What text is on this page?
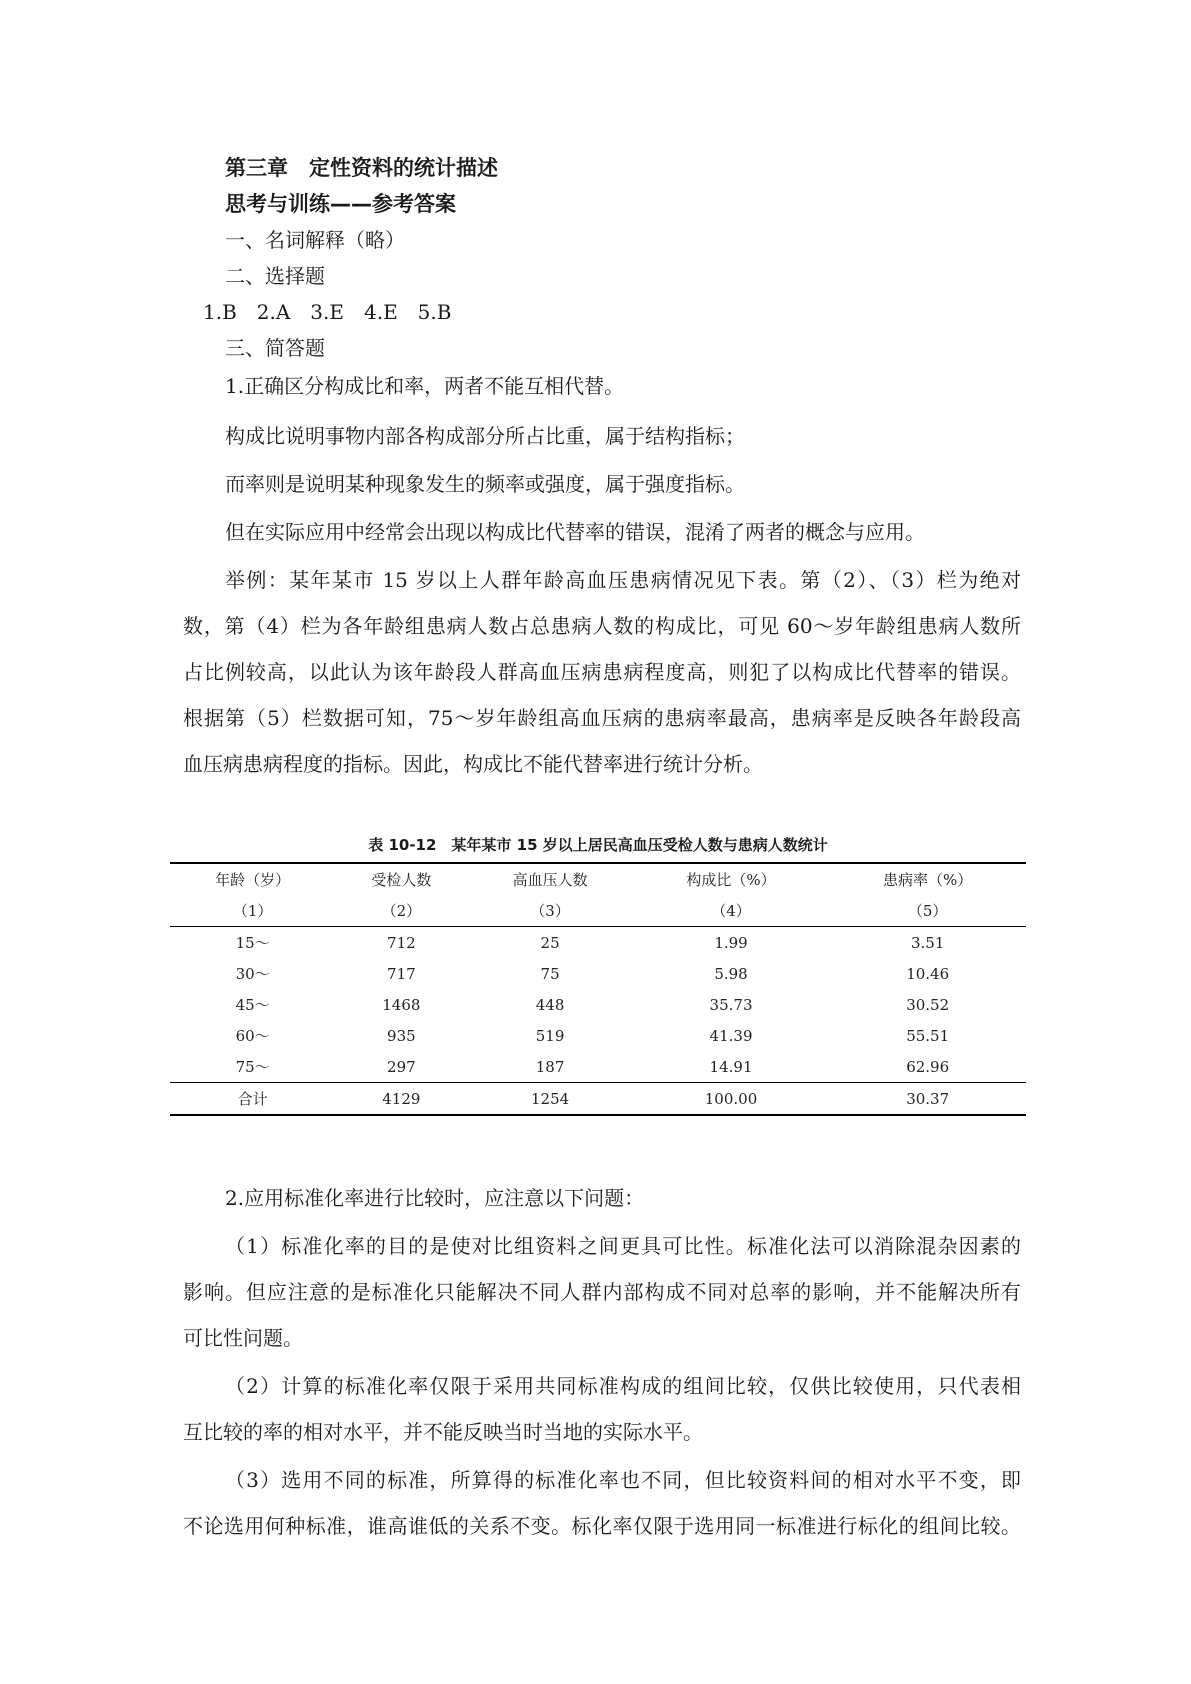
第三章　定性资料的统计描述
思考与训练——参考答案
一、名词解释（略）
二、选择题
1.B　2.A　3.E　4.E　5.B
三、简答题
1.正确区分构成比和率，两者不能互相代替。
构成比说明事物内部各构成部分所占比重，属于结构指标；
而率则是说明某种现象发生的频率或强度，属于强度指标。
但在实际应用中经常会出现以构成比代替率的错误，混淆了两者的概念与应用。
举例：某年某市 15 岁以上人群年龄高血压患病情况见下表。第（2）、（3）栏为绝对
数，第（4）栏为各年龄组患病人数占总患病人数的构成比，可见 60～岁年龄组患病人数所
占比例较高，以此认为该年龄段人群高血压病患病程度高，则犯了以构成比代替率的错误。
根据第（5）栏数据可知，75～岁年龄组高血压病的患病率最高，患病率是反映各年龄段高
血压病患病程度的指标。因此，构成比不能代替率进行统计分析。
表 10-12　某年某市 15 岁以上居民高血压受检人数与患病人数统计
年龄（岁）	受检人数	高血压人数	构成比（%）	患病率（%）
（1）	（2）	（3）	（4）	（5）
15～	712	25	1.99	3.51
30～	717	75	5.98	10.46
45～	1468	448	35.73	30.52
60～	935	519	41.39	55.51
75～	297	187	14.91	62.96
合计	4129	1254	100.00	30.37
2.应用标准化率进行比较时，应注意以下问题：
（1）标准化率的目的是使对比组资料之间更具可比性。标准化法可以消除混杂因素的
影响。但应注意的是标准化只能解决不同人群内部构成不同对总率的影响，并不能解决所有
可比性问题。
（2）计算的标准化率仅限于采用共同标准构成的组间比较，仅供比较使用，只代表相
互比较的率的相对水平，并不能反映当时当地的实际水平。
（3）选用不同的标准，所算得的标准化率也不同，但比较资料间的相对水平不变，即
不论选用何种标准，谁高谁低的关系不变。标化率仅限于选用同一标准进行标化的组间比较。
